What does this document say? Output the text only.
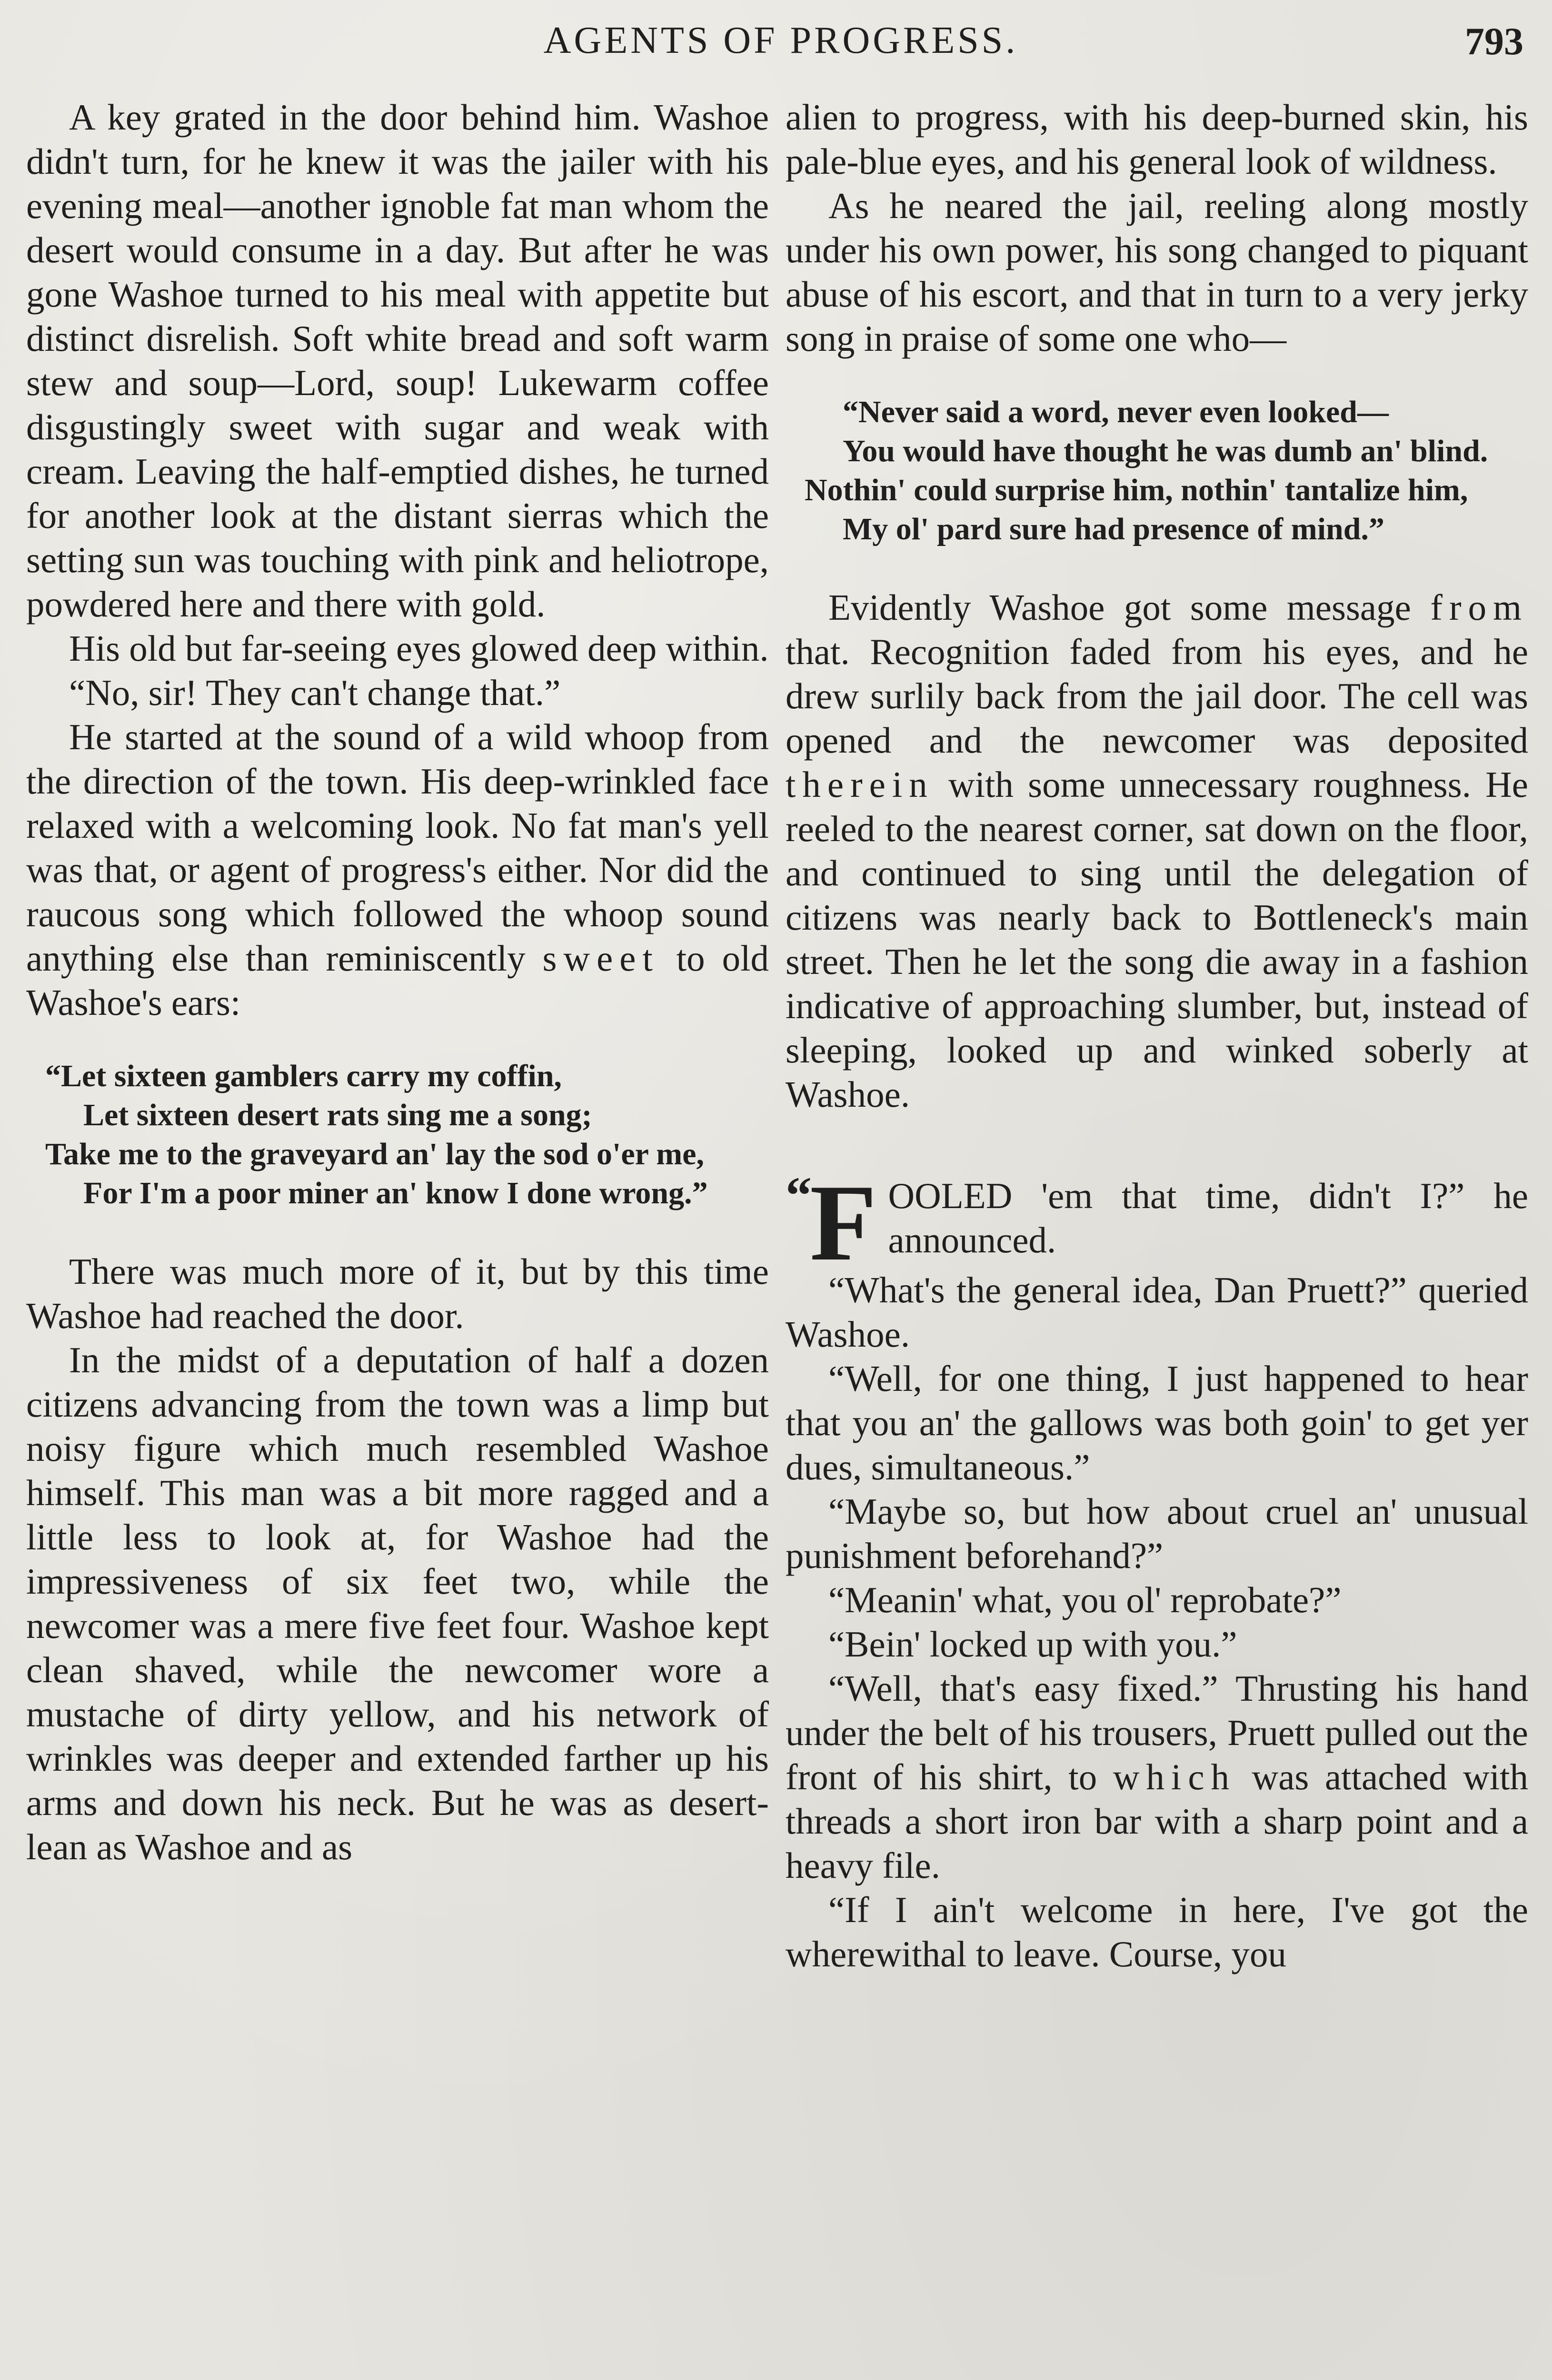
AGENTS OF PROGRESS.	793

A key grated in the door behind him. Washoe didn't turn, for he knew it was the jailer with his evening meal—another ignoble fat man whom the desert would consume in a day. But after he was gone Washoe turned to his meal with appetite but distinct disrelish. Soft white bread and soft warm stew and soup—Lord, soup! Lukewarm coffee disgustingly sweet with sugar and weak with cream. Leaving the half-emptied dishes, he turned for another look at the distant sierras which the setting sun was touching with pink and heliotrope, powdered here and there with gold.

His old but far-seeing eyes glowed deep within.

“No, sir! They can't change that.”

He started at the sound of a wild whoop from the direction of the town. His deep-wrinkled face relaxed with a welcoming look. No fat man's yell was that, or agent of progress's either. Nor did the raucous song which followed the whoop sound anything else than reminiscently sweet to old Washoe's ears:

“Let sixteen gamblers carry my coffin,
Let sixteen desert rats sing me a song;
Take me to the graveyard an' lay the sod o'er me,
For I'm a poor miner an' know I done wrong.”

There was much more of it, but by this time Washoe had reached the door.

In the midst of a deputation of half a dozen citizens advancing from the town was a limp but noisy figure which much resembled Washoe himself. This man was a bit more ragged and a little less to look at, for Washoe had the impressiveness of six feet two, while the newcomer was a mere five feet four. Washoe kept clean shaved, while the newcomer wore a mustache of dirty yellow, and his network of wrinkles was deeper and extended farther up his arms and down his neck. But he was as desert-lean as Washoe and as

alien to progress, with his deep-burned skin, his pale-blue eyes, and his general look of wildness.

As he neared the jail, reeling along mostly under his own power, his song changed to piquant abuse of his escort, and that in turn to a very jerky song in praise of some one who—

“Never said a word, never even looked—
You would have thought he was dumb an' blind.
Nothin' could surprise him, nothin' tantalize him,
My ol' pard sure had presence of mind.”

Evidently Washoe got some message from that. Recognition faded from his eyes, and he drew surlily back from the jail door. The cell was opened and the newcomer was deposited therein with some unnecessary roughness. He reeled to the nearest corner, sat down on the floor, and continued to sing until the delegation of citizens was nearly back to Bottleneck's main street. Then he let the song die away in a fashion indicative of approaching slumber, but, instead of sleeping, looked up and winked soberly at Washoe.

“
F OOLED 'em that time, didn't I?” he announced.

“What's the general idea, Dan Pruett?” queried Washoe.

“Well, for one thing, I just happened to hear that you an' the gallows was both goin' to get yer dues, simultaneous.”

“Maybe so, but how about cruel an' unusual punishment beforehand?”

“Meanin' what, you ol' reprobate?”

“Bein' locked up with you.”

“Well, that's easy fixed.” Thrusting his hand under the belt of his trousers, Pruett pulled out the front of his shirt, to which was attached with threads a short iron bar with a sharp point and a heavy file.

“If I ain't welcome in here, I've got the wherewithal to leave. Course, you
